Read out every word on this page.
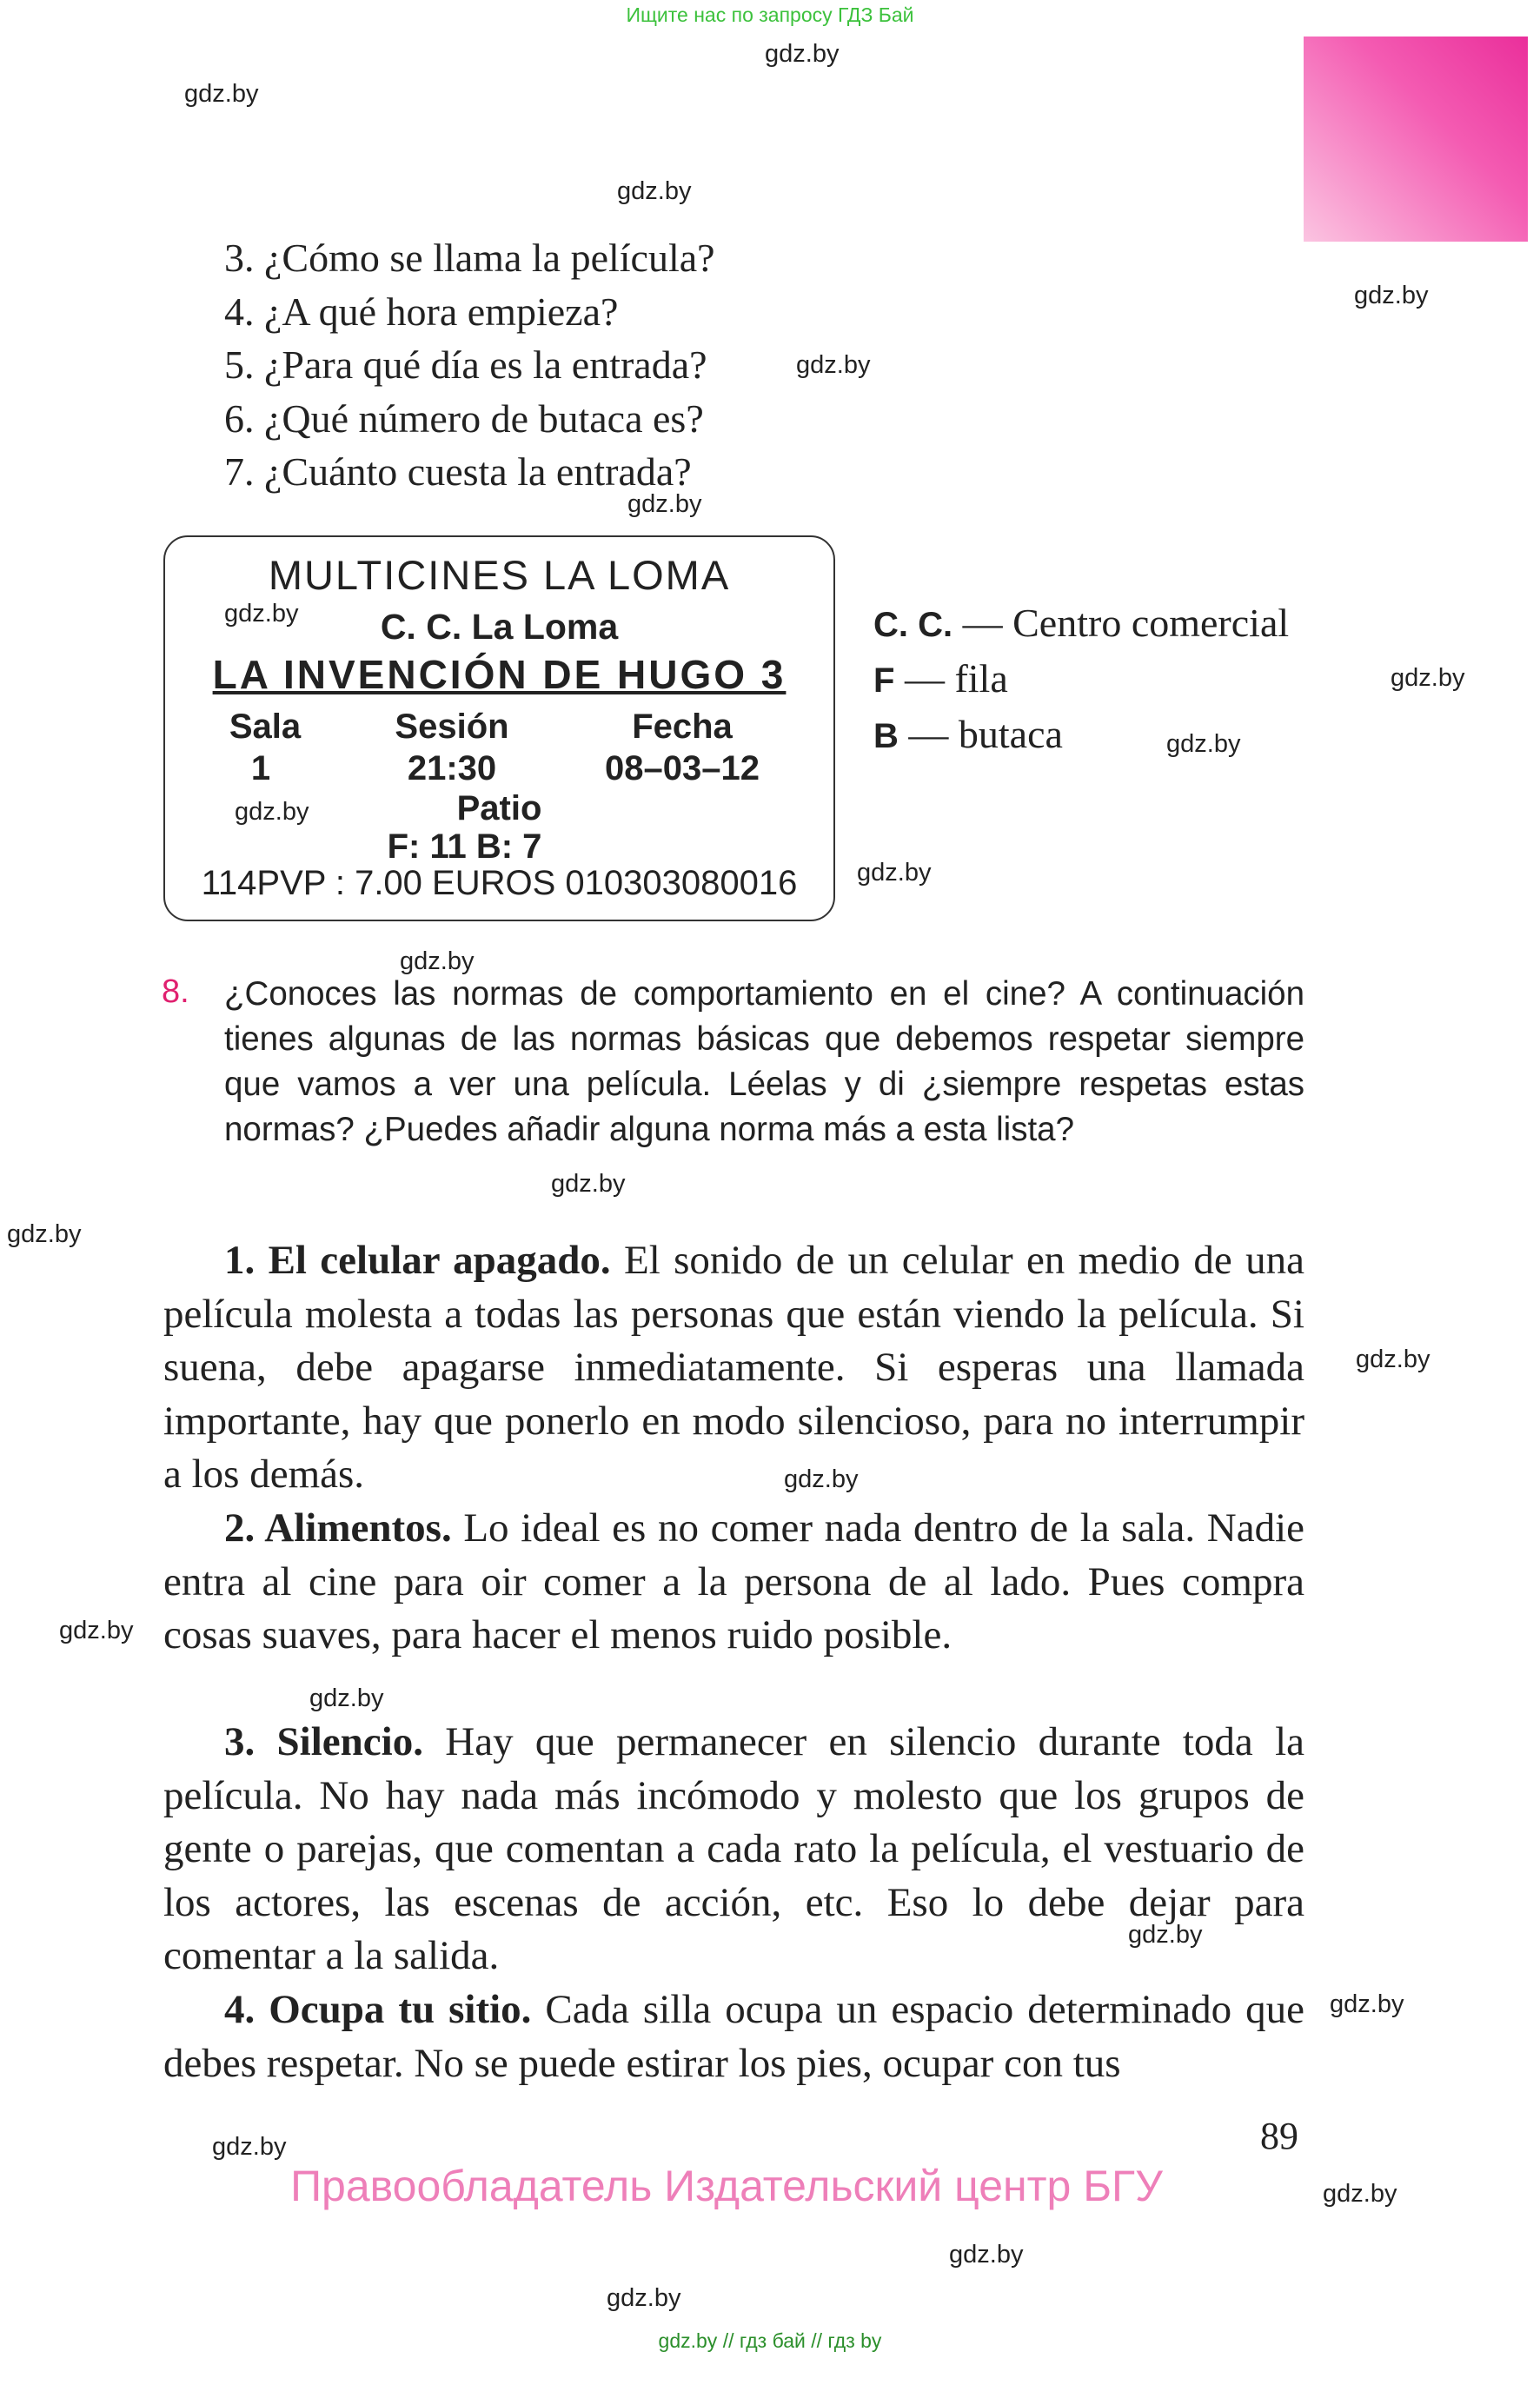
Ищите нас по запросу ГДЗ Бай
gdz.by
gdz.by
gdz.by
gdz.by
gdz.by
gdz.by
gdz.by
gdz.by
gdz.by
gdz.by
gdz.by
gdz.by
gdz.by
gdz.by
gdz.by
gdz.by
gdz.by
gdz.by
gdz.by
gdz.by
gdz.by
gdz.by
gdz.by
gdz.by
3. ¿Cómo se llama la película?
4. ¿A qué hora empieza?
5. ¿Para qué día es la entrada?
6. ¿Qué número de butaca es?
7. ¿Cuánto cuesta la entrada?
MULTICINES LA LOMA
C. C. La Loma
LA INVENCIÓN DE HUGO 3
Sala	Sesión	Fecha
1	21:30	08–03–12
Patio
F: 11 B: 7
114PVP : 7.00 EUROS 010303080016
C. C. — Centro comercial
F — fila
B — butaca
8. ¿Conoces las normas de comportamiento en el cine? A continuación tienes algunas de las normas básicas que debemos respetar siempre que vamos a ver una película. Léelas y di ¿siempre respetas estas normas? ¿Puedes añadir alguna norma más a esta lista?
1. El celular apagado. El sonido de un celular en medio de una película molesta a todas las personas que están viendo la película. Si suena, debe apagarse inmediatamente. Si esperas una llamada importante, hay que ponerlo en modo silencioso, para no interrumpir a los demás.
2. Alimentos. Lo ideal es no comer nada dentro de la sala. Nadie entra al cine para oir comer a la persona de al lado. Pues compra cosas suaves, para hacer el menos ruido posible.
3. Silencio. Hay que permanecer en silencio durante toda la película. No hay nada más incómodo y molesto que los grupos de gente o parejas, que comentan a cada rato la película, el vestuario de los actores, las escenas de acción, etc. Eso lo debe dejar para comentar a la salida.
4. Ocupa tu sitio. Cada silla ocupa un espacio determinado que debes respetar. No se puede estirar los pies, ocupar con tus
89
Правообладатель Издательский центр БГУ
gdz.by // гдз бай // гдз by
